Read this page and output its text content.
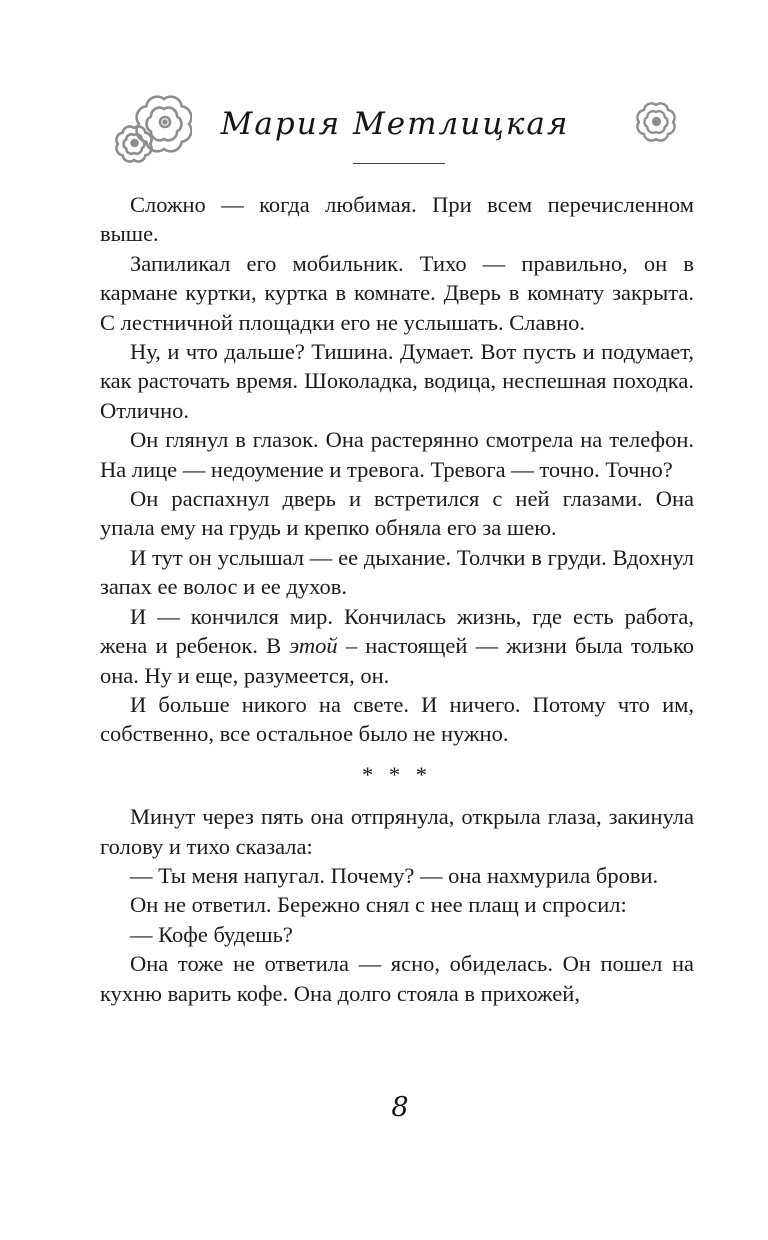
Мария Метлицкая

Сложно — когда любимая. При всем перечисленном выше.

Запиликал его мобильник. Тихо — правильно, он в кармане куртки, куртка в комнате. Дверь в комнату закрыта. С лестничной площадки его не услышать. Славно.

Ну, и что дальше? Тишина. Думает. Вот пусть и подумает, как расточать время. Шоколадка, водица, неспешная походка. Отлично.

Он глянул в глазок. Она растерянно смотрела на телефон. На лице — недоумение и тревога. Тревога — точно. Точно?

Он распахнул дверь и встретился с ней глазами. Она упала ему на грудь и крепко обняла его за шею.

И тут он услышал — ее дыхание. Толчки в груди. Вдохнул запах ее волос и ее духов.

И — кончился мир. Кончилась жизнь, где есть работа, жена и ребенок. В этой – настоящей — жизни была только она. Ну и еще, разумеется, он.

И больше никого на свете. И ничего. Потому что им, собственно, все остальное было не нужно.

* * *

Минут через пять она отпрянула, открыла глаза, закинула голову и тихо сказала:

— Ты меня напугал. Почему? — она нахмурила брови.

Он не ответил. Бережно снял с нее плащ и спросил:

— Кофе будешь?

Она тоже не ответила — ясно, обиделась. Он пошел на кухню варить кофе. Она долго стояла в прихожей,

8
